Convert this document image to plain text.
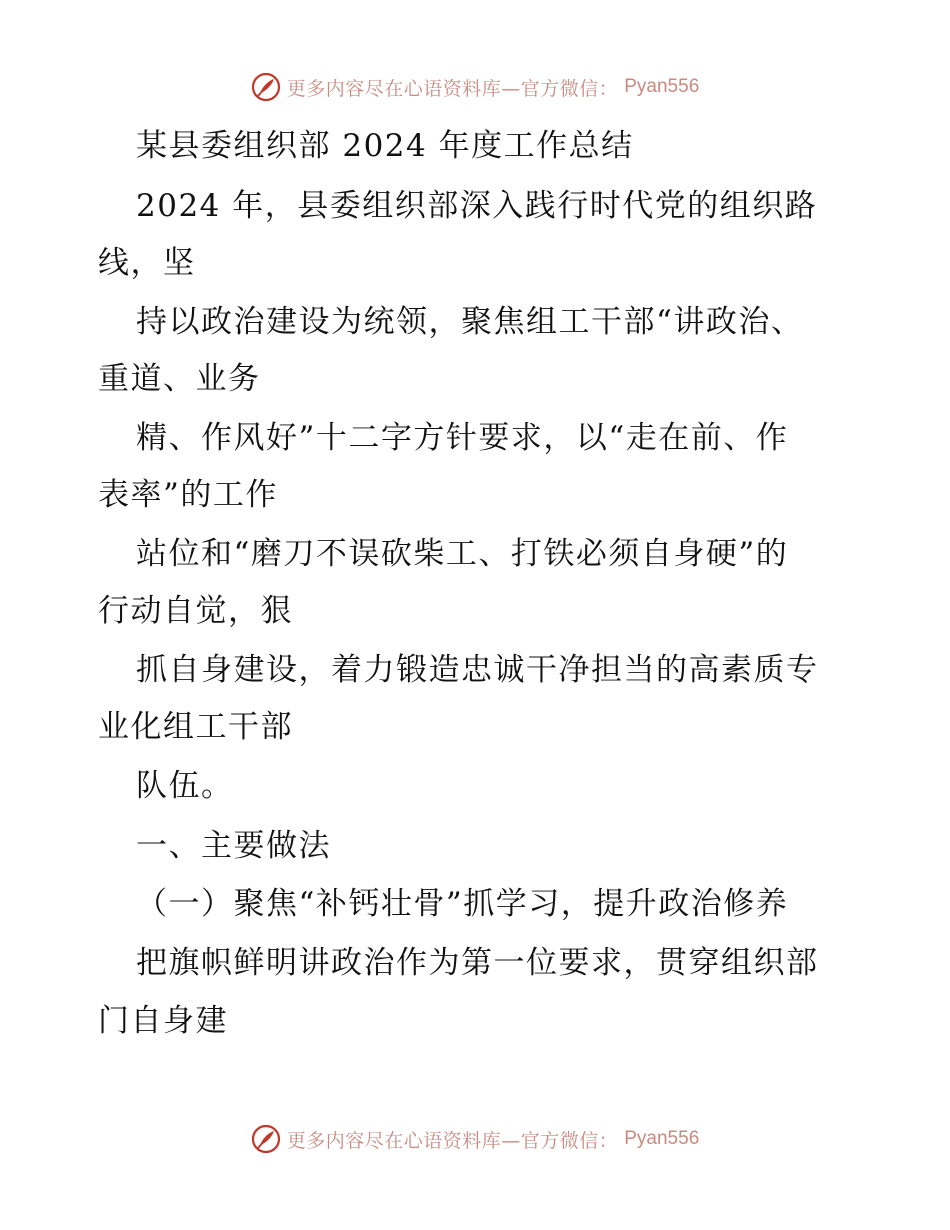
更多内容尽在心语资料库—官方微信： Pyan556
某县委组织部 2024 年度工作总结
2024 年，县委组织部深入践行时代党的组织路
线，坚
持以政治建设为统领，聚焦组工干部“讲政治、
重道、业务
精、作风好”十二字方针要求，以“走在前、作
表率”的工作
站位和“磨刀不误砍柴工、打铁必须自身硬”的
行动自觉，狠
抓自身建设，着力锻造忠诚干净担当的高素质专
业化组工干部
队伍。
一、主要做法
（一）聚焦“补钙壮骨”抓学习，提升政治修养
把旗帜鲜明讲政治作为第一位要求，贯穿组织部
门自身建
更多内容尽在心语资料库—官方微信： Pyan556
